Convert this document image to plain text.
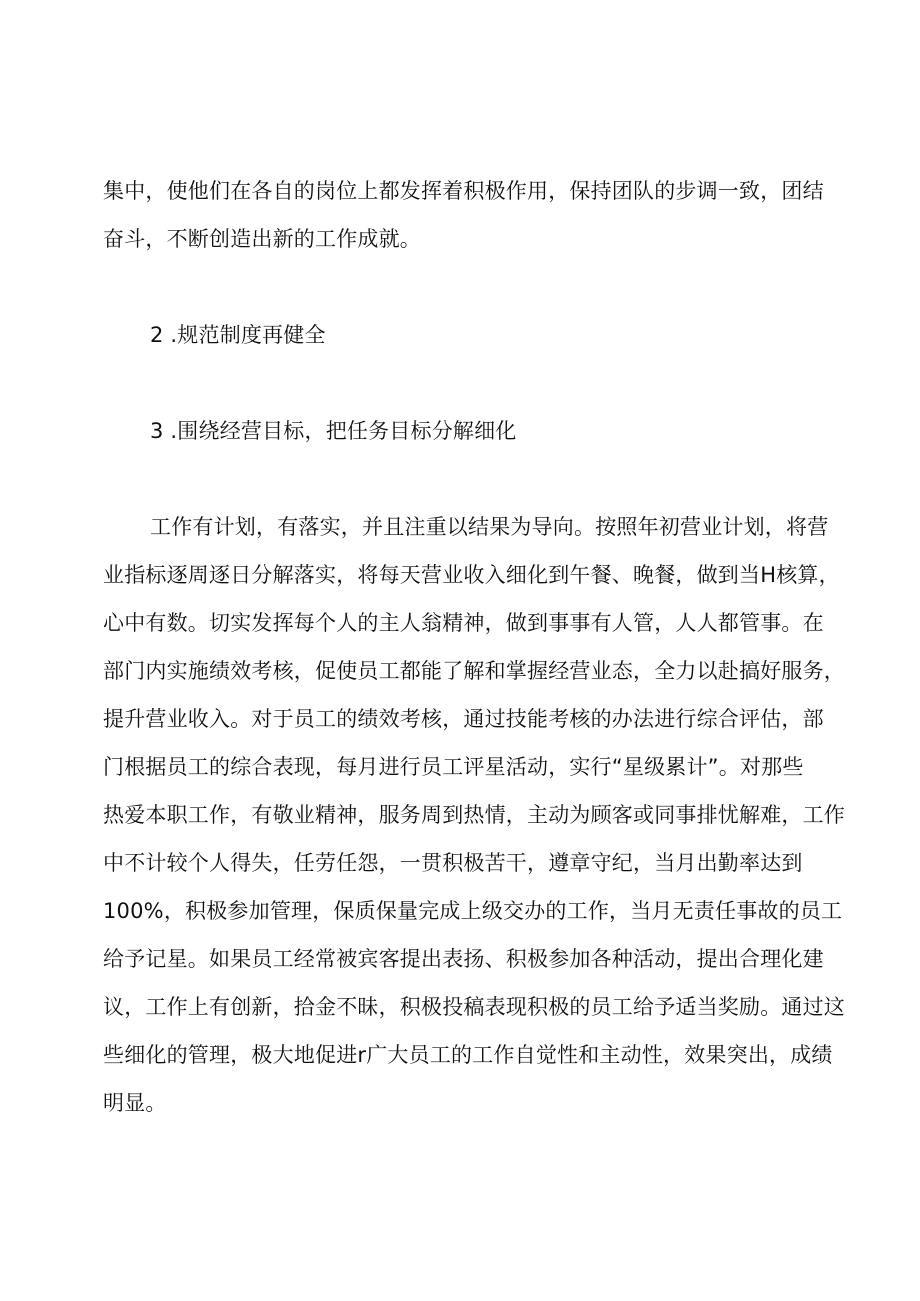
集中，使他们在各自的岗位上都发挥着积极作用，保持团队的步调一致，团结
奋斗，不断创造出新的工作成就。
2 .规范制度再健全
3 .围绕经营目标，把任务目标分解细化
工作有计划，有落实，并且注重以结果为导向。按照年初营业计划，将营
业指标逐周逐日分解落实，将每天营业收入细化到午餐、晚餐，做到当H核算，
心中有数。切实发挥每个人的主人翁精神，做到事事有人管，人人都管事。在
部门内实施绩效考核，促使员工都能了解和掌握经营业态，全力以赴搞好服务，
提升营业收入。对于员工的绩效考核，通过技能考核的办法进行综合评估，部
门根据员工的综合表现，每月进行员工评星活动，实行“星级累计”。对那些
热爱本职工作，有敬业精神，服务周到热情，主动为顾客或同事排忧解难，工作
中不计较个人得失，任劳任怨，一贯积极苦干，遵章守纪，当月出勤率达到
100%，积极参加管理，保质保量完成上级交办的工作，当月无责任事故的员工
给予记星。如果员工经常被宾客提出表扬、积极参加各种活动，提出合理化建
议，工作上有创新，拾金不昧，积极投稿表现积极的员工给予适当奖励。通过这
些细化的管理，极大地促进r广大员工的工作自觉性和主动性，效果突出，成绩
明显。
